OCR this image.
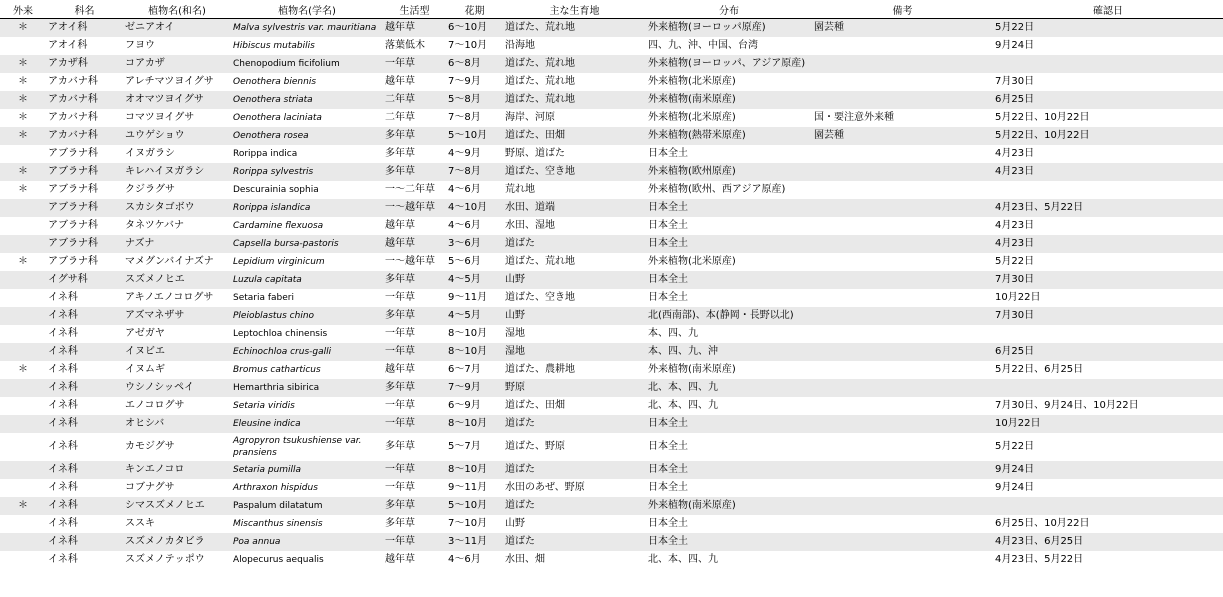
外来	科名	植物名(和名)	植物名(学名)	生活型	花期	主な生育地	分布	備考	確認日
＊	アオイ科	ゼニアオイ	Malva sylvestris var. mauritiana	越年草	6〜10月	道ばた、荒れ地	外来植物(ヨーロッパ原産)	園芸種	5月22日
	アオイ科	フヨウ	Hibiscus mutabilis	落葉低木	7〜10月	沿海地	四、九、沖、中国、台湾		9月24日
＊	アカザ科	コアカザ	Chenopodium ficifolium	一年草	6〜8月	道ばた、荒れ地	外来植物(ヨーロッパ、アジア原産)		
＊	アカバナ科	アレチマツヨイグサ	Oenothera biennis	越年草	7〜9月	道ばた、荒れ地	外来植物(北米原産)		7月30日
＊	アカバナ科	オオマツヨイグサ	Oenothera striata	二年草	5〜8月	道ばた、荒れ地	外来植物(南米原産)		6月25日
＊	アカバナ科	コマツヨイグサ	Oenothera laciniata	二年草	7〜8月	海岸、河原	外来植物(北米原産)	国・要注意外来種	5月22日、10月22日
＊	アカバナ科	ユウゲショウ	Oenothera rosea	多年草	5〜10月	道ばた、田畑	外来植物(熱帯米原産)	園芸種	5月22日、10月22日
	アブラナ科	イヌガラシ	Rorippa indica	多年草	4〜9月	野原、道ばた	日本全土		4月23日
＊	アブラナ科	キレハイヌガラシ	Rorippa sylvestris	多年草	7〜8月	道ばた、空き地	外来植物(欧州原産)		4月23日
＊	アブラナ科	クジラグサ	Descurainia sophia	一〜二年草	4〜6月	荒れ地	外来植物(欧州、西アジア原産)		
	アブラナ科	スカシタゴボウ	Rorippa islandica	一〜越年草	4〜10月	水田、道端	日本全土		4月23日、5月22日
	アブラナ科	タネツケバナ	Cardamine flexuosa	越年草	4〜6月	水田、湿地	日本全土		4月23日
	アブラナ科	ナズナ	Capsella bursa-pastoris	越年草	3〜6月	道ばた	日本全土		4月23日
＊	アブラナ科	マメグンバイナズナ	Lepidium virginicum	一〜越年草	5〜6月	道ばた、荒れ地	外来植物(北米原産)		5月22日
	イグサ科	スズメノヒエ	Luzula capitata	多年草	4〜5月	山野	日本全土		7月30日
	イネ科	アキノエノコログサ	Setaria faberi	一年草	9〜11月	道ばた、空き地	日本全土		10月22日
	イネ科	アズマネザサ	Pleioblastus chino	多年草	4〜5月	山野	北(西南部)、本(静岡・長野以北)		7月30日
	イネ科	アゼガヤ	Leptochloa chinensis	一年草	8〜10月	湿地	本、四、九		
	イネ科	イヌビエ	Echinochloa crus-galli	一年草	8〜10月	湿地	本、四、九、沖		6月25日
＊	イネ科	イヌムギ	Bromus catharticus	越年草	6〜7月	道ばた、農耕地	外来植物(南米原産)		5月22日、6月25日
	イネ科	ウシノシッペイ	Hemarthria sibirica	多年草	7〜9月	野原	北、本、四、九		
	イネ科	エノコログサ	Setaria viridis	一年草	6〜9月	道ばた、田畑	北、本、四、九		7月30日、9月24日、10月22日
	イネ科	オヒシバ	Eleusine indica	一年草	8〜10月	道ばた	日本全土		10月22日
	イネ科	カモジグサ	Agropyron tsukushiense var. pransiens	多年草	5〜7月	道ばた、野原	日本全土		5月22日
	イネ科	キンエノコロ	Setaria pumilla	一年草	8〜10月	道ばた	日本全土		9月24日
	イネ科	コブナグサ	Arthraxon hispidus	一年草	9〜11月	水田のあぜ、野原	日本全土		9月24日
＊	イネ科	シマスズメノヒエ	Paspalum dilatatum	多年草	5〜10月	道ばた	外来植物(南米原産)		
	イネ科	ススキ	Miscanthus sinensis	多年草	7〜10月	山野	日本全土		6月25日、10月22日
	イネ科	スズメノカタビラ	Poa annua	一年草	3〜11月	道ばた	日本全土		4月23日、6月25日
	イネ科	スズメノテッポウ	Alopecurus aequalis	越年草	4〜6月	水田、畑	北、本、四、九		4月23日、5月22日
